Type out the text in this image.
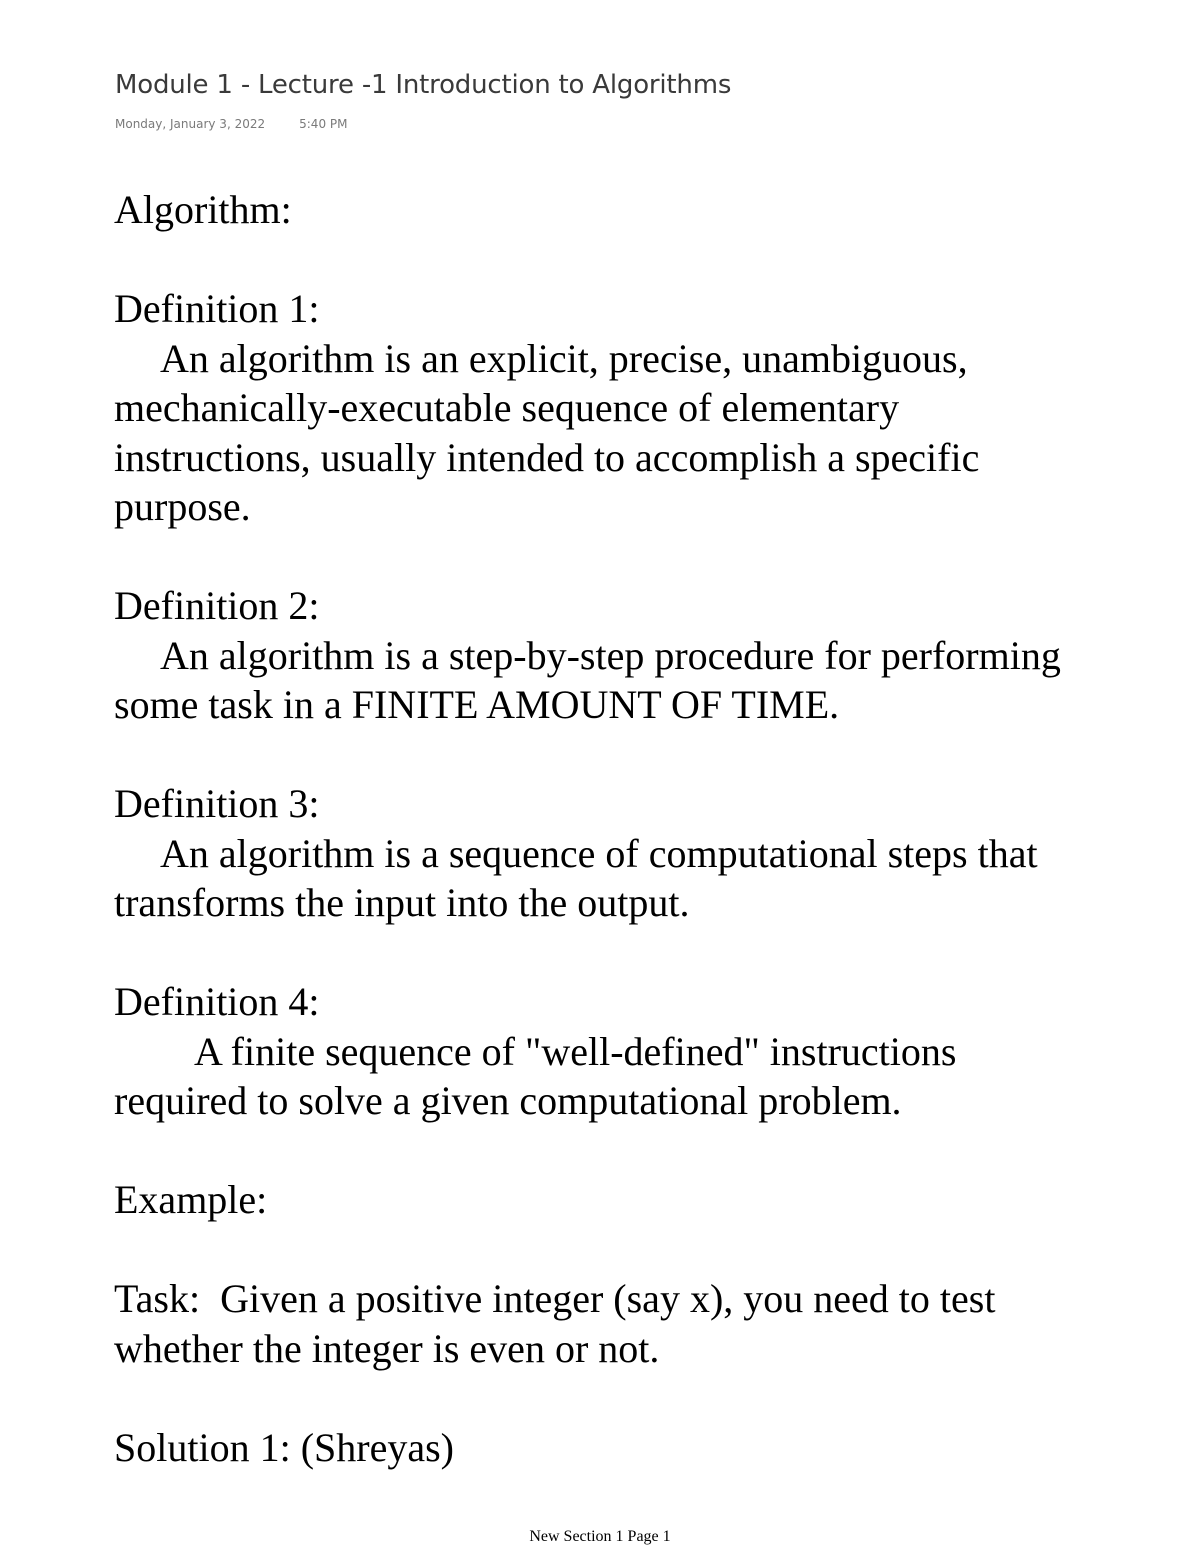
Module 1 - Lecture -1 Introduction to Algorithms
Monday, January 3, 2022	5:40 PM

Algorithm:

Definition 1:

An algorithm is an explicit, precise, unambiguous,

mechanically-executable sequence of elementary

instructions, usually intended to accomplish a specific

purpose.

Definition 2:

An algorithm is a step-by-step procedure for performing

some task in a FINITE AMOUNT OF TIME.

Definition 3:

An algorithm is a sequence of computational steps that

transforms the input into the output.

Definition 4:

A finite sequence of "well-defined" instructions

required to solve a given computational problem.

Example:

Task:  Given a positive integer (say x), you need to test

whether the integer is even or not.

Solution 1: (Shreyas)

New Section 1 Page 1
